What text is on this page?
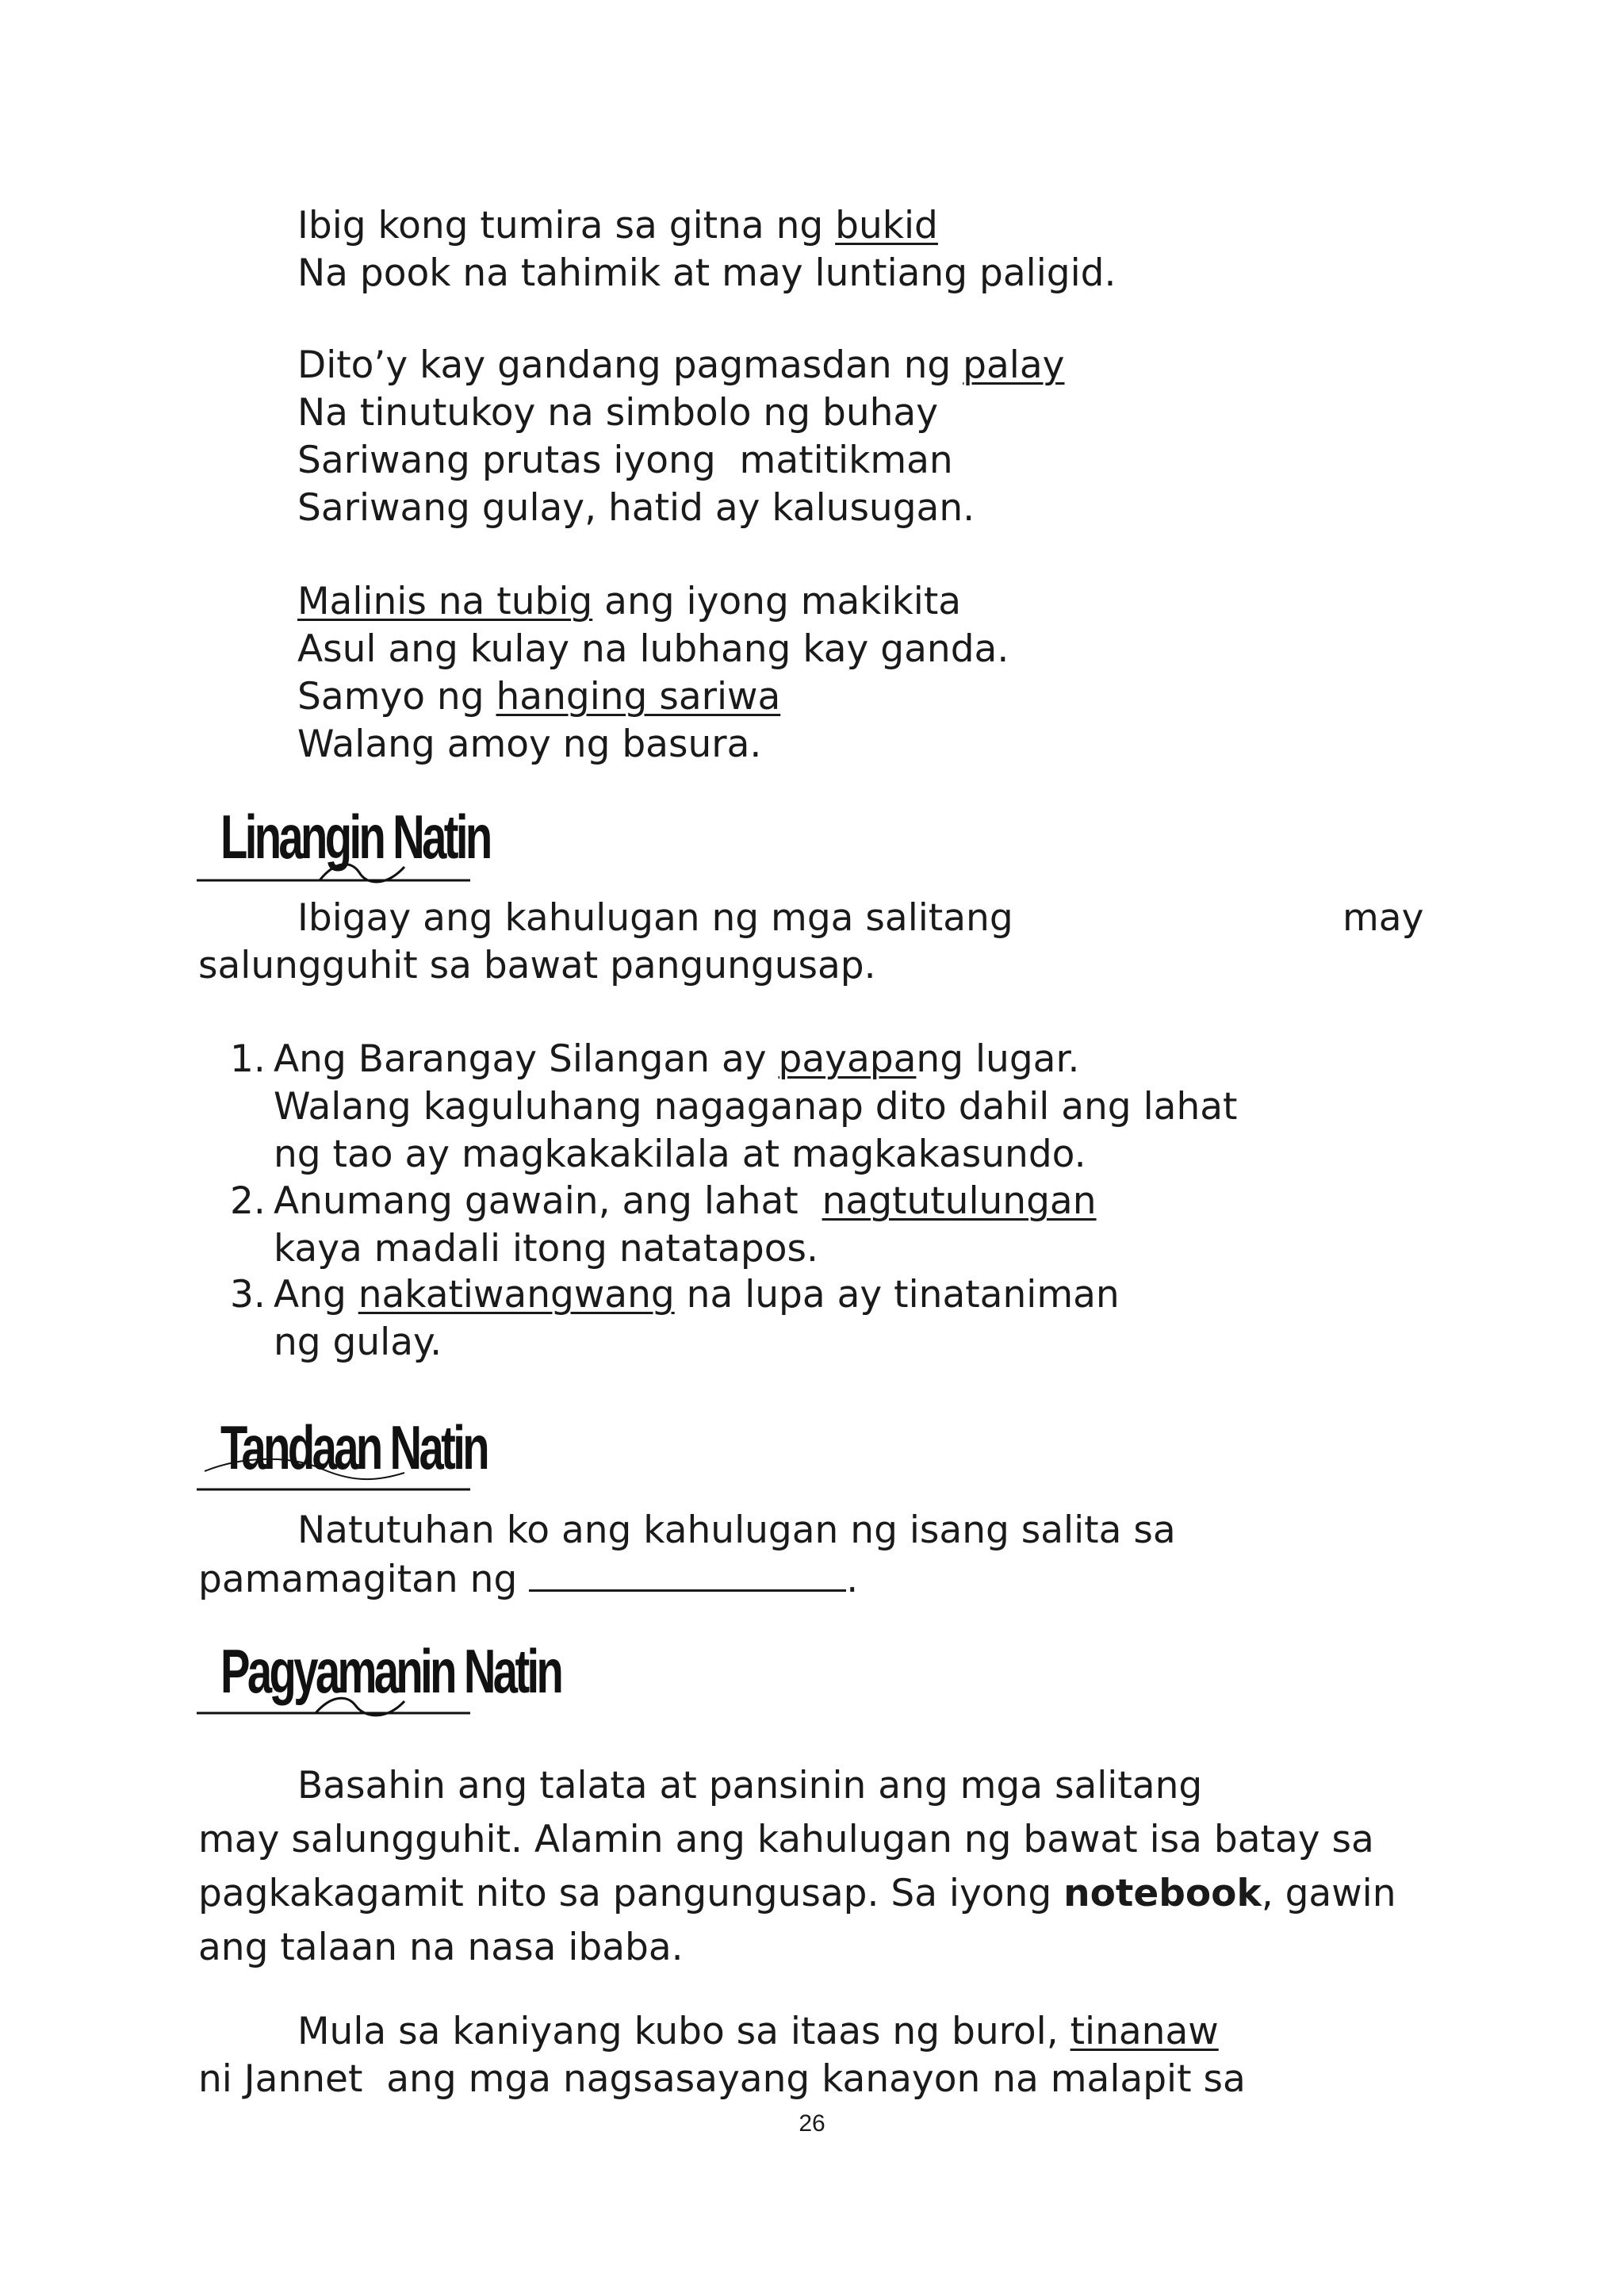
Ibig kong tumira sa gitna ng bukid
Na pook na tahimik at may luntiang paligid.
Dito’y kay gandang pagmasdan ng palay
Na tinutukoy na simbolo ng buhay
Sariwang prutas iyong  matitikman
Sariwang gulay, hatid ay kalusugan.
Malinis na tubig ang iyong makikita
Asul ang kulay na lubhang kay ganda.
Samyo ng hanging sariwa
Walang amoy ng basura.
Linangin Natin
Ibigay ang kahulugan ng mga salitang	may
salungguhit sa bawat pangungusap.
1. Ang Barangay Silangan ay payapang lugar.
Walang kaguluhang nagaganap dito dahil ang lahat
ng tao ay magkakakilala at magkakasundo.
2. Anumang gawain, ang lahat  nagtutulungan
kaya madali itong natatapos.
3. Ang nakatiwangwang na lupa ay tinataniman
ng gulay.
Tandaan Natin
Natutuhan ko ang kahulugan ng isang salita sa
pamamagitan ng	.
Pagyamanin Natin
Basahin ang talata at pansinin ang mga salitang
may salungguhit. Alamin ang kahulugan ng bawat isa batay sa
pagkakagamit nito sa pangungusap. Sa iyong notebook, gawin
ang talaan na nasa ibaba.
Mula sa kaniyang kubo sa itaas ng burol, tinanaw
ni Jannet  ang mga nagsasayang kanayon na malapit sa
26
